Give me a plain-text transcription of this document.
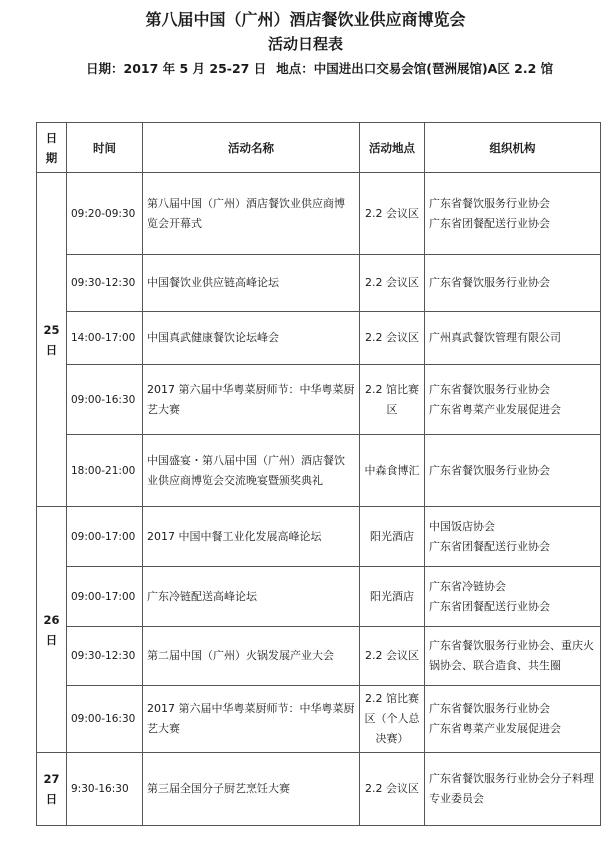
第八届中国（广州）酒店餐饮业供应商博览会
活动日程表
日期：2017 年 5 月 25-27 日 地点：中国进出口交易会馆(琶洲展馆)A区 2.2 馆
日期	时间	活动名称	活动地点	组织机构
25日	09:20-09:30	第八届中国（广州）酒店餐饮业供应商博览会开幕式	2.2 会议区	广东省餐饮服务行业协会
广东省团餐配送行业协会

	09:30-12:30	中国餐饮业供应链高峰论坛	2.2 会议区	广东省餐饮服务行业协会

	14:00-17:00	中国真武健康餐饮论坛峰会	2.2 会议区	广州真武餐饮管理有限公司

	09:00-16:30	2017 第六届中华粤菜厨师节：中华粤菜厨艺大赛	2.2 馆比赛区	广东省餐饮服务行业协会
广东省粤菜产业发展促进会

	18:00-21:00	中国盛宴・第八届中国（广州）酒店餐饮业供应商博览会交流晚宴暨颁奖典礼	中森食博汇	广东省餐饮服务行业协会

26日	09:00-17:00	2017 中国中餐工业化发展高峰论坛	阳光酒店	中国饭店协会
广东省团餐配送行业协会

	09:00-17:00	广东冷链配送高峰论坛	阳光酒店	广东省冷链协会
广东省团餐配送行业协会

	09:30-12:30	第二届中国（广州）火锅发展产业大会	2.2 会议区	广东省餐饮服务行业协会、重庆火锅协会、联合造食、共生圈

	09:00-16:30	2017 第六届中华粤菜厨师节：中华粤菜厨艺大赛	2.2 馆比赛区（个人总决赛）	广东省餐饮服务行业协会
广东省粤菜产业发展促进会

27日	9:30-16:30	第三届全国分子厨艺烹饪大赛	2.2 会议区	广东省餐饮服务行业协会分子料理专业委员会
